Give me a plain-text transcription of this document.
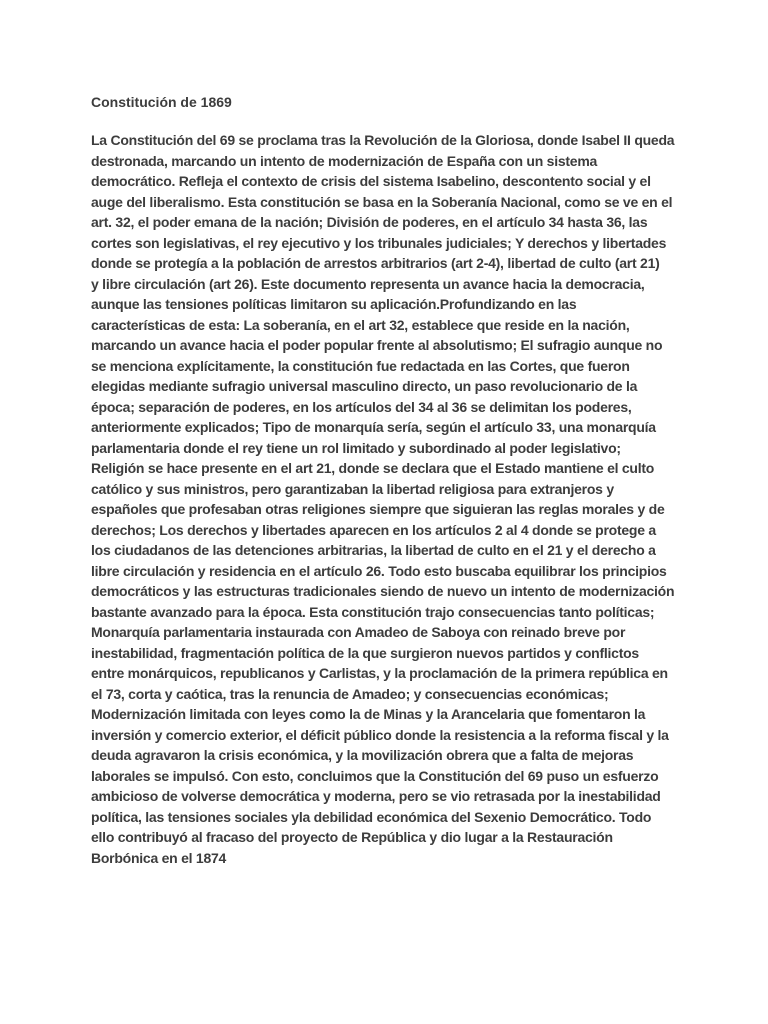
Constitución de 1869
La Constitución del 69 se proclama tras la Revolución de la Gloriosa, donde Isabel II queda
destronada, marcando un intento de modernización de España con un sistema
democrático. Refleja el contexto de crisis del sistema Isabelino, descontento social y el
auge del liberalismo. Esta constitución se basa en la Soberanía Nacional, como se ve en el
art. 32, el poder emana de la nación; División de poderes, en el artículo 34 hasta 36, las
cortes son legislativas, el rey ejecutivo y los tribunales judiciales; Y derechos y libertades
donde se protegía a la población de arrestos arbitrarios (art 2-4), libertad de culto (art 21)
y libre circulación (art 26). Este documento representa un avance hacia la democracia,
aunque las tensiones políticas limitaron su aplicación.Profundizando en las
características de esta: La soberanía, en el art 32, establece que reside en la nación,
marcando un avance hacia el poder popular frente al absolutismo; El sufragio aunque no
se menciona explícitamente, la constitución fue redactada en las Cortes, que fueron
elegidas mediante sufragio universal masculino directo, un paso revolucionario de la
época; separación de poderes, en los artículos del 34 al 36 se delimitan los poderes,
anteriormente explicados; Tipo de monarquía sería, según el artículo 33, una monarquía
parlamentaria donde el rey tiene un rol limitado y subordinado al poder legislativo;
Religión se hace presente en el art 21, donde se declara que el Estado mantiene el culto
católico y sus ministros, pero garantizaban la libertad religiosa para extranjeros y
españoles que profesaban otras religiones siempre que siguieran las reglas morales y de
derechos; Los derechos y libertades aparecen en los artículos 2 al 4 donde se protege a
los ciudadanos de las detenciones arbitrarias, la libertad de culto en el 21 y el derecho a
libre circulación y residencia en el artículo 26. Todo esto buscaba equilibrar los principios
democráticos y las estructuras tradicionales siendo de nuevo un intento de modernización
bastante avanzado para la época. Esta constitución trajo consecuencias tanto políticas;
Monarquía parlamentaria instaurada con Amadeo de Saboya con reinado breve por
inestabilidad, fragmentación política de la que surgieron nuevos partidos y conflictos
entre monárquicos, republicanos y Carlistas, y la proclamación de la primera república en
el 73, corta y caótica, tras la renuncia de Amadeo; y consecuencias económicas;
Modernización limitada con leyes como la de Minas y la Arancelaria que fomentaron la
inversión y comercio exterior, el déficit público donde la resistencia a la reforma fiscal y la
deuda agravaron la crisis económica, y la movilización obrera que a falta de mejoras
laborales se impulsó. Con esto, concluimos que la Constitución del 69 puso un esfuerzo
ambicioso de volverse democrática y moderna, pero se vio retrasada por la inestabilidad
política, las tensiones sociales yla debilidad económica del Sexenio Democrático. Todo
ello contribuyó al fracaso del proyecto de República y dio lugar a la Restauración
Borbónica en el 1874
